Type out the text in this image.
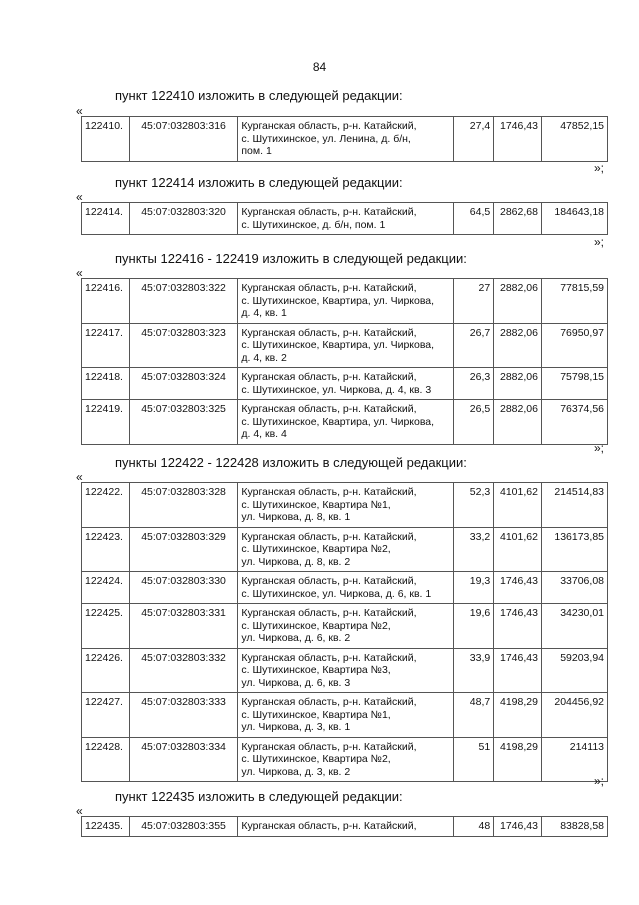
84
пункт 122410 изложить в следующей редакции:
«
122410.	45:07:032803:316	Курганская область, р-н. Катайский,
с. Шутихинское, ул. Ленина, д. б/н,
пом. 1	27,4	1746,43	47852,15
»;
пункт 122414 изложить в следующей редакции:
«
122414.	45:07:032803:320	Курганская область, р-н. Катайский,
с. Шутихинское, д. б/н, пом. 1	64,5	2862,68	184643,18
»;
пункты 122416 - 122419 изложить в следующей редакции:
«
122416.	45:07:032803:322	Курганская область, р-н. Катайский,
с. Шутихинское, Квартира, ул. Чиркова,
д. 4, кв. 1	27	2882,06	77815,59
122417.	45:07:032803:323	Курганская область, р-н. Катайский,
с. Шутихинское, Квартира, ул. Чиркова,
д. 4, кв. 2	26,7	2882,06	76950,97
122418.	45:07:032803:324	Курганская область, р-н. Катайский,
с. Шутихинское, ул. Чиркова, д. 4, кв. 3	26,3	2882,06	75798,15
122419.	45:07:032803:325	Курганская область, р-н. Катайский,
с. Шутихинское, Квартира, ул. Чиркова,
д. 4, кв. 4	26,5	2882,06	76374,56
»;
пункты 122422 - 122428 изложить в следующей редакции:
«
122422.	45:07:032803:328	Курганская область, р-н. Катайский,
с. Шутихинское, Квартира №1,
ул. Чиркова, д. 8, кв. 1	52,3	4101,62	214514,83
122423.	45:07:032803:329	Курганская область, р-н. Катайский,
с. Шутихинское, Квартира №2,
ул. Чиркова, д. 8, кв. 2	33,2	4101,62	136173,85
122424.	45:07:032803:330	Курганская область, р-н. Катайский,
с. Шутихинское, ул. Чиркова, д. 6, кв. 1	19,3	1746,43	33706,08
122425.	45:07:032803:331	Курганская область, р-н. Катайский,
с. Шутихинское, Квартира №2,
ул. Чиркова, д. 6, кв. 2	19,6	1746,43	34230,01
122426.	45:07:032803:332	Курганская область, р-н. Катайский,
с. Шутихинское, Квартира №3,
ул. Чиркова, д. 6, кв. 3	33,9	1746,43	59203,94
122427.	45:07:032803:333	Курганская область, р-н. Катайский,
с. Шутихинское, Квартира №1,
ул. Чиркова, д. 3, кв. 1	48,7	4198,29	204456,92
122428.	45:07:032803:334	Курганская область, р-н. Катайский,
с. Шутихинское, Квартира №2,
ул. Чиркова, д. 3, кв. 2	51	4198,29	214113
»;
пункт 122435 изложить в следующей редакции:
«
122435.	45:07:032803:355	Курганская область, р-н. Катайский,	48	1746,43	83828,58
